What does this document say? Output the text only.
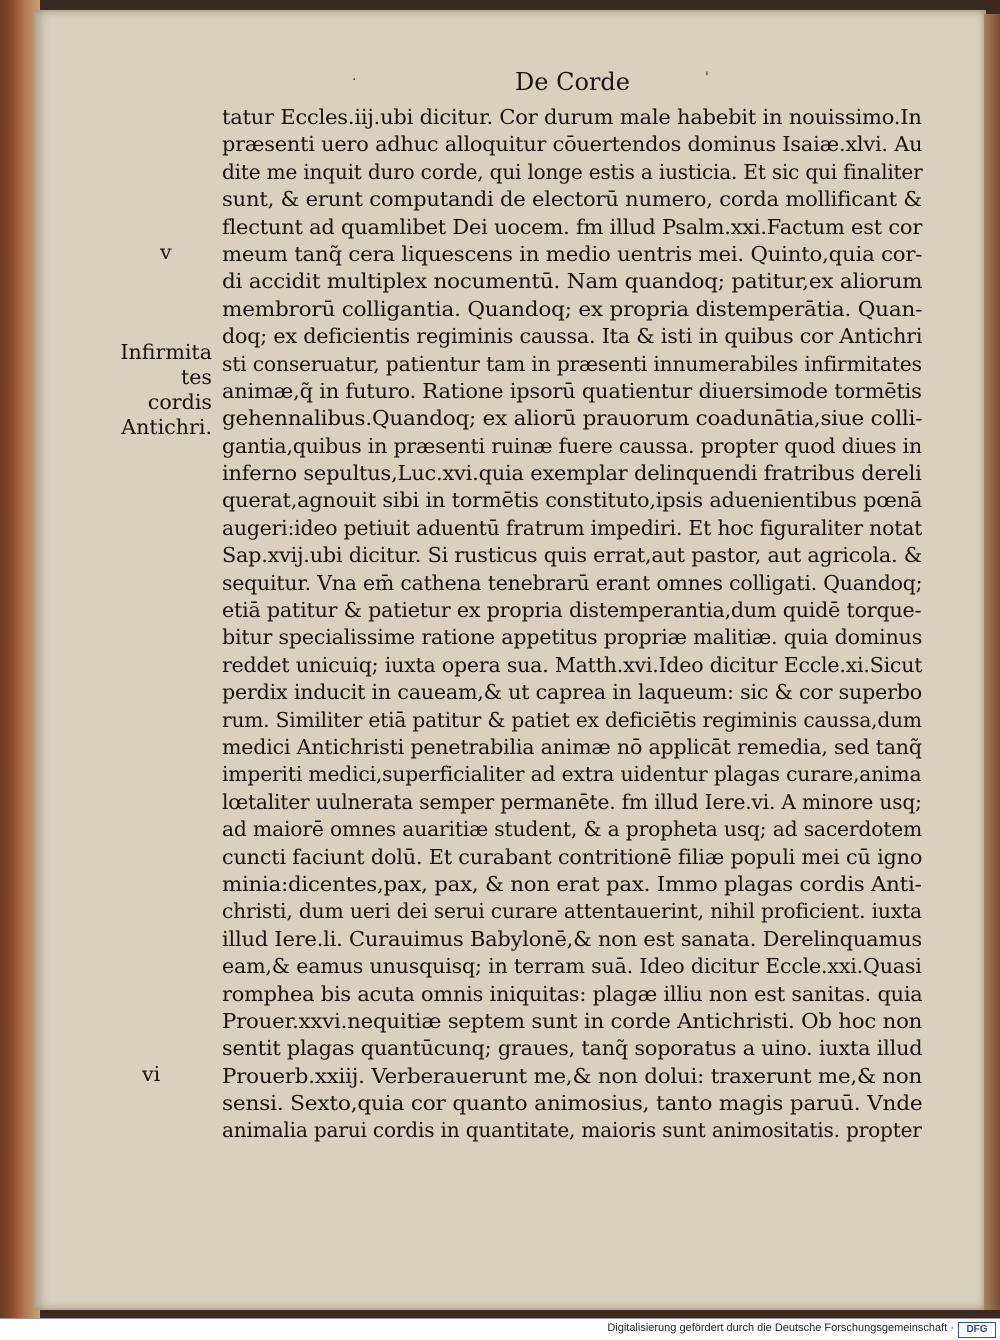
·	De Corde	'
v
Infirmita
tes cordis
Antichri.
vi
tatur Eccles.iij.ubi dicitur. Cor durum male habebit in nouissimo.In
præsenti uero adhuc alloquitur cōuertendos dominus Isaiæ.xlvi. Au
dite me inquit duro corde, qui longe estis a iusticia. Et sic qui finaliter
sunt, & erunt computandi de electorū numero, corda mollificant &
flectunt ad quamlibet Dei uocem. fm illud Psalm.xxi.Factum est cor
meum tanq̃ cera liquescens in medio uentris mei. Quinto,quia cor-
di accidit multiplex nocumentū. Nam quandoq; patitur,ex aliorum
membrorū colligantia. Quandoq; ex propria distemperātia. Quan-
doq; ex deficientis regiminis caussa. Ita & isti in quibus cor Antichri
sti conseruatur, patientur tam in præsenti innumerabiles infirmitates
animæ,q̃ in futuro. Ratione ipsorū quatientur diuersimode tormētis
gehennalibus.Quandoq; ex aliorū prauorum coadunātia,siue colli-
gantia,quibus in præsenti ruinæ fuere caussa. propter quod diues in
inferno sepultus,Luc.xvi.quia exemplar delinquendi fratribus dereli
querat,agnouit sibi in tormētis constituto,ipsis aduenientibus pœnā
augeri:ideo petiuit aduentū fratrum impediri. Et hoc figuraliter notat
Sap.xvij.ubi dicitur. Si rusticus quis errat,aut pastor, aut agricola. &
sequitur. Vna em̄ cathena tenebrarū erant omnes colligati. Quandoq;
etiā patitur & patietur ex propria distemperantia,dum quidē torque-
bitur specialissime ratione appetitus propriæ malitiæ. quia dominus
reddet unicuiq; iuxta opera sua. Matth.xvi.Ideo dicitur Eccle.xi.Sicut
perdix inducit in caueam,& ut caprea in laqueum: sic & cor superbo
rum. Similiter etiā patitur & patiet ex deficiētis regiminis caussa,dum
medici Antichristi penetrabilia animæ nō applicāt remedia, sed tanq̃
imperiti medici,superficialiter ad extra uidentur plagas curare,anima
lœtaliter uulnerata semper permanēte. fm illud Iere.vi. A minore usq;
ad maiorē omnes auaritiæ student, & a propheta usq; ad sacerdotem
cuncti faciunt dolū. Et curabant contritionē filiæ populi mei cū igno
minia:dicentes,pax, pax, & non erat pax. Immo plagas cordis Anti-
christi, dum ueri dei serui curare attentauerint, nihil proficient. iuxta
illud Iere.li. Curauimus Babylonē,& non est sanata. Derelinquamus
eam,& eamus unusquisq; in terram suā. Ideo dicitur Eccle.xxi.Quasi
romphea bis acuta omnis iniquitas: plagæ illiu non est sanitas. quia
Prouer.xxvi.nequitiæ septem sunt in corde Antichristi. Ob hoc non
sentit plagas quantūcunq; graues, tanq̃ soporatus a uino. iuxta illud
Prouerb.xxiij. Verberauerunt me,& non dolui: traxerunt me,& non
sensi. Sexto,quia cor quanto animosius, tanto magis paruū. Vnde
animalia parui cordis in quantitate, maioris sunt animositatis. propter
Digitalisierung gefördert durch die Deutsche Forschungsgemeinschaft ·	DFG
